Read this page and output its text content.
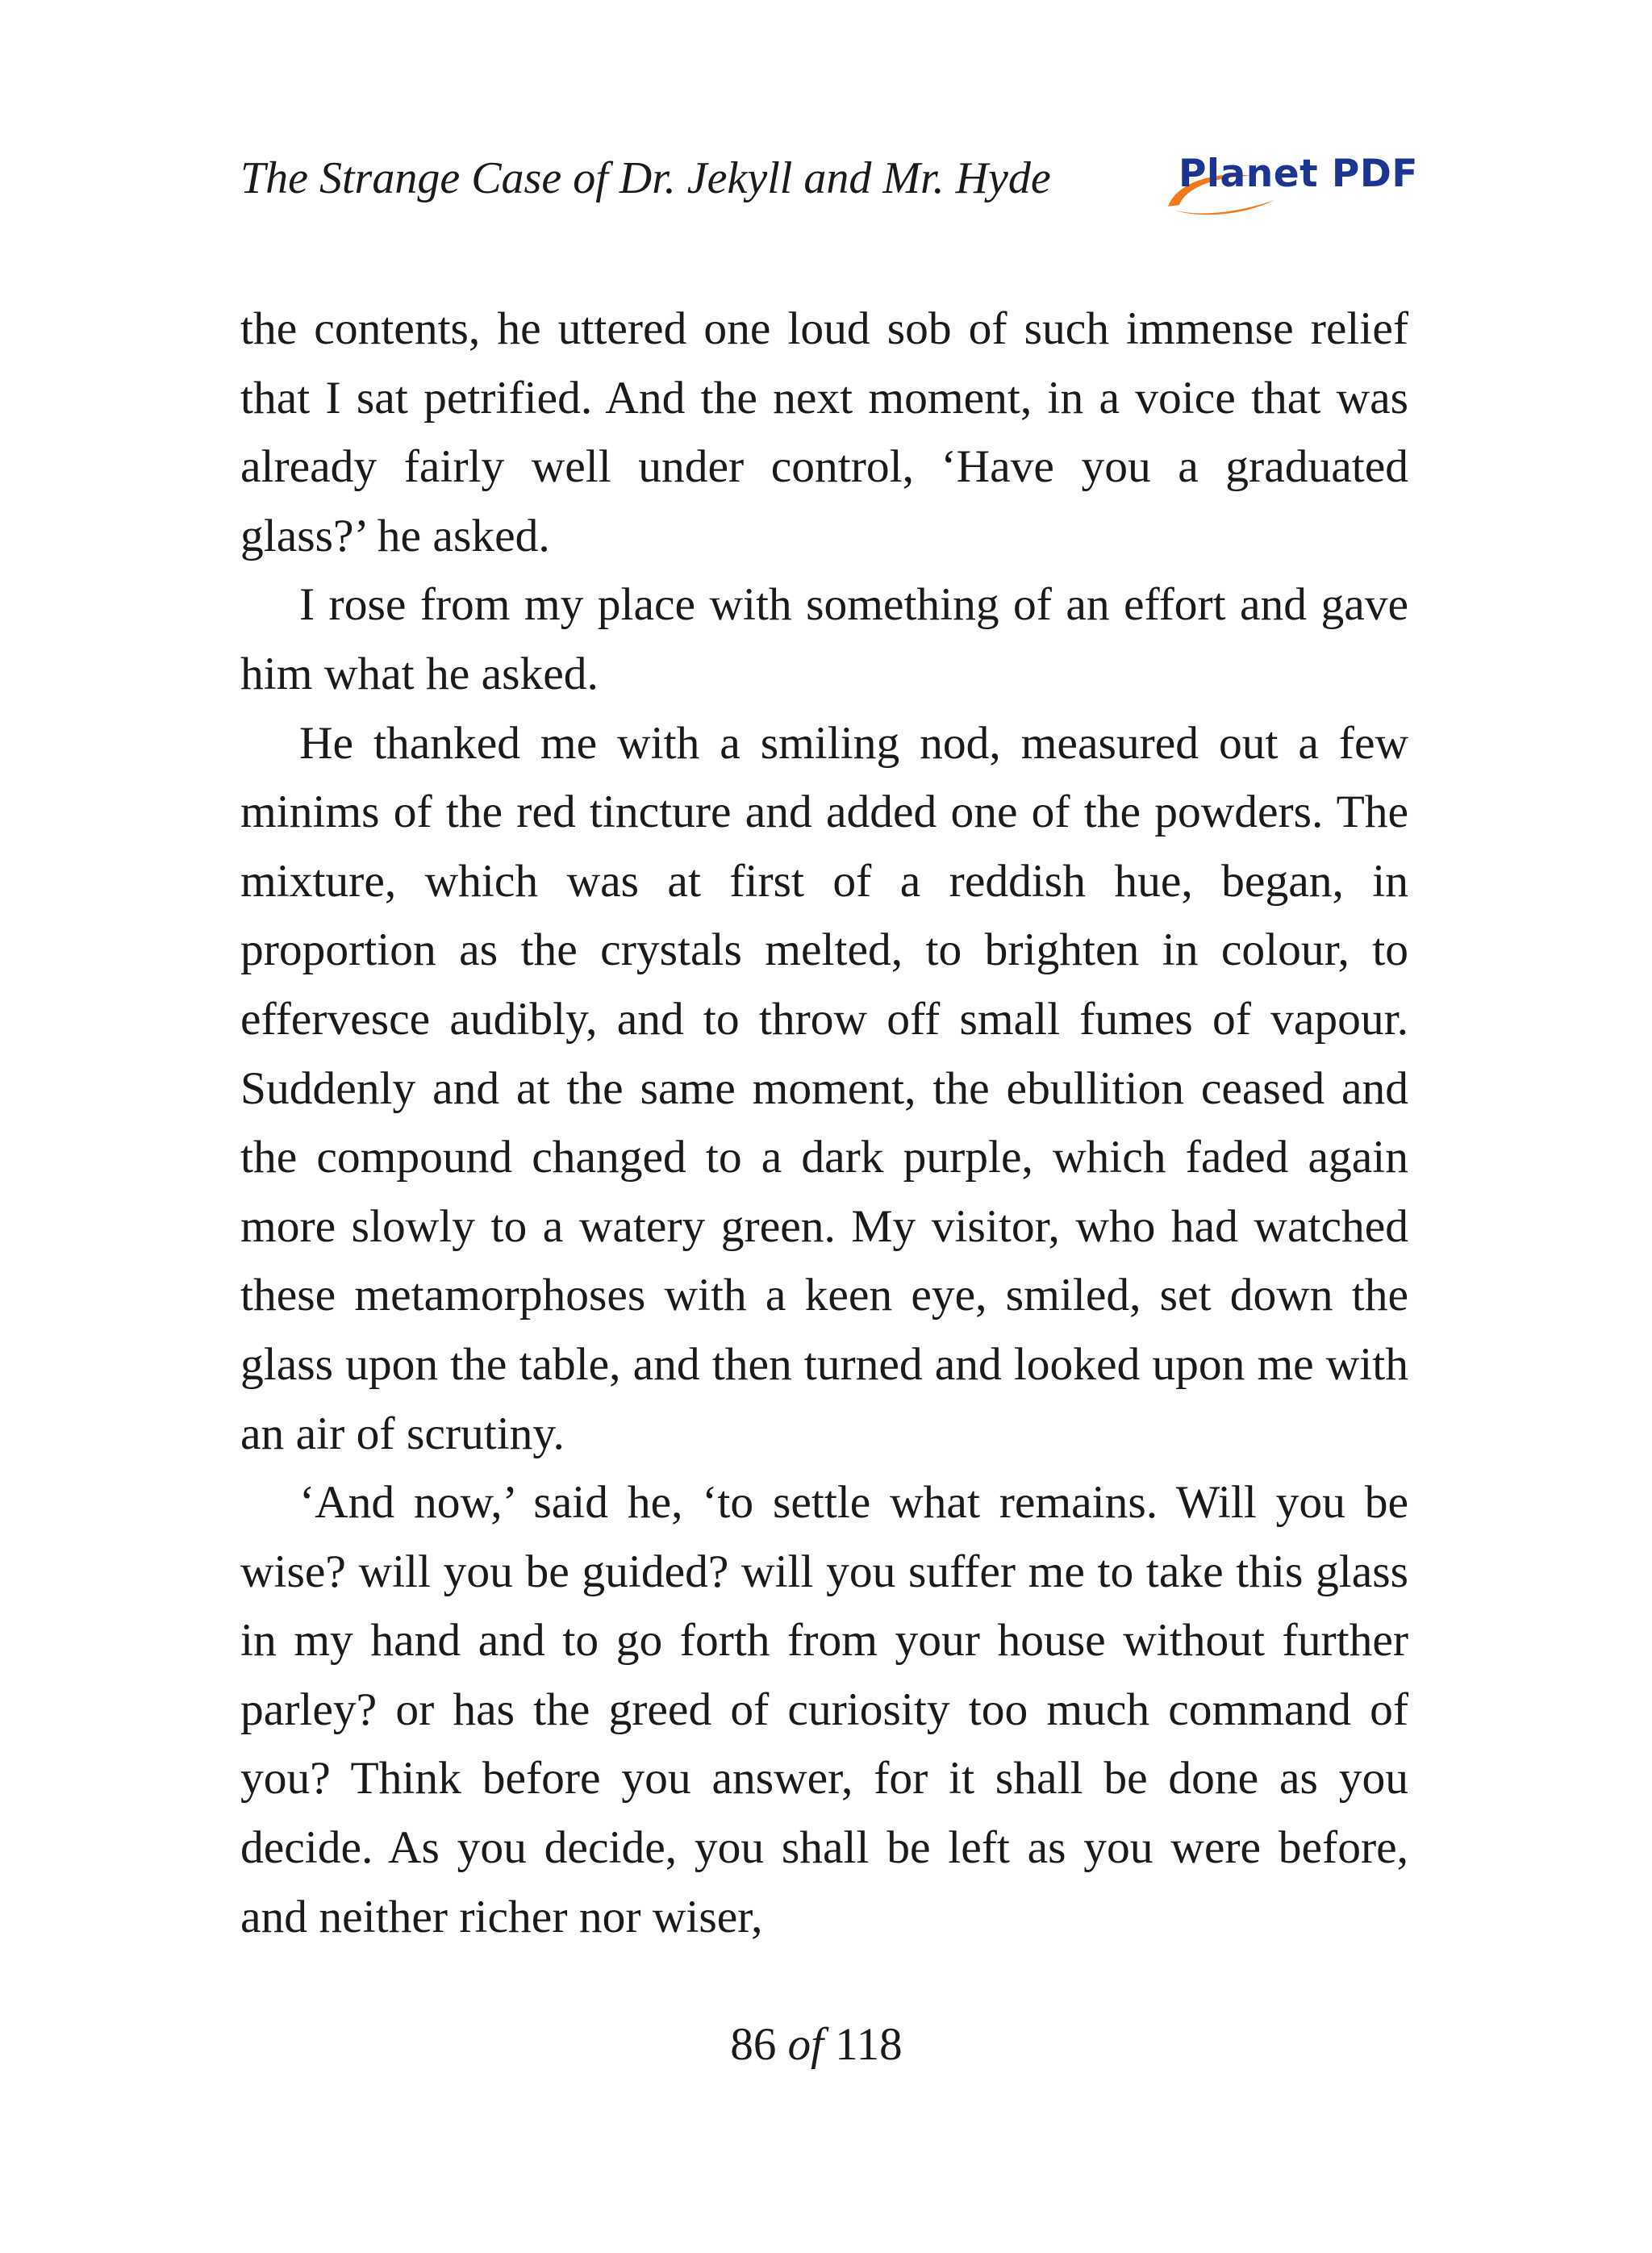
The Strange Case of Dr. Jekyll and Mr. Hyde	Planet PDF

the contents, he uttered one loud sob of such immense relief that I sat petrified. And the next moment, in a voice that was already fairly well under control, ‘Have you a graduated glass?’ he asked.

I rose from my place with something of an effort and gave him what he asked.

He thanked me with a smiling nod, measured out a few minims of the red tincture and added one of the powders. The mixture, which was at first of a reddish hue, began, in proportion as the crystals melted, to brighten in colour, to effervesce audibly, and to throw off small fumes of vapour. Suddenly and at the same moment, the ebullition ceased and the compound changed to a dark purple, which faded again more slowly to a watery green. My visitor, who had watched these metamorphoses with a keen eye, smiled, set down the glass upon the table, and then turned and looked upon me with an air of scrutiny.

‘And now,’ said he, ‘to settle what remains. Will you be wise? will you be guided? will you suffer me to take this glass in my hand and to go forth from your house without further parley? or has the greed of curiosity too much command of you? Think before you answer, for it shall be done as you decide. As you decide, you shall be left as you were before, and neither richer nor wiser,

86 of 118
